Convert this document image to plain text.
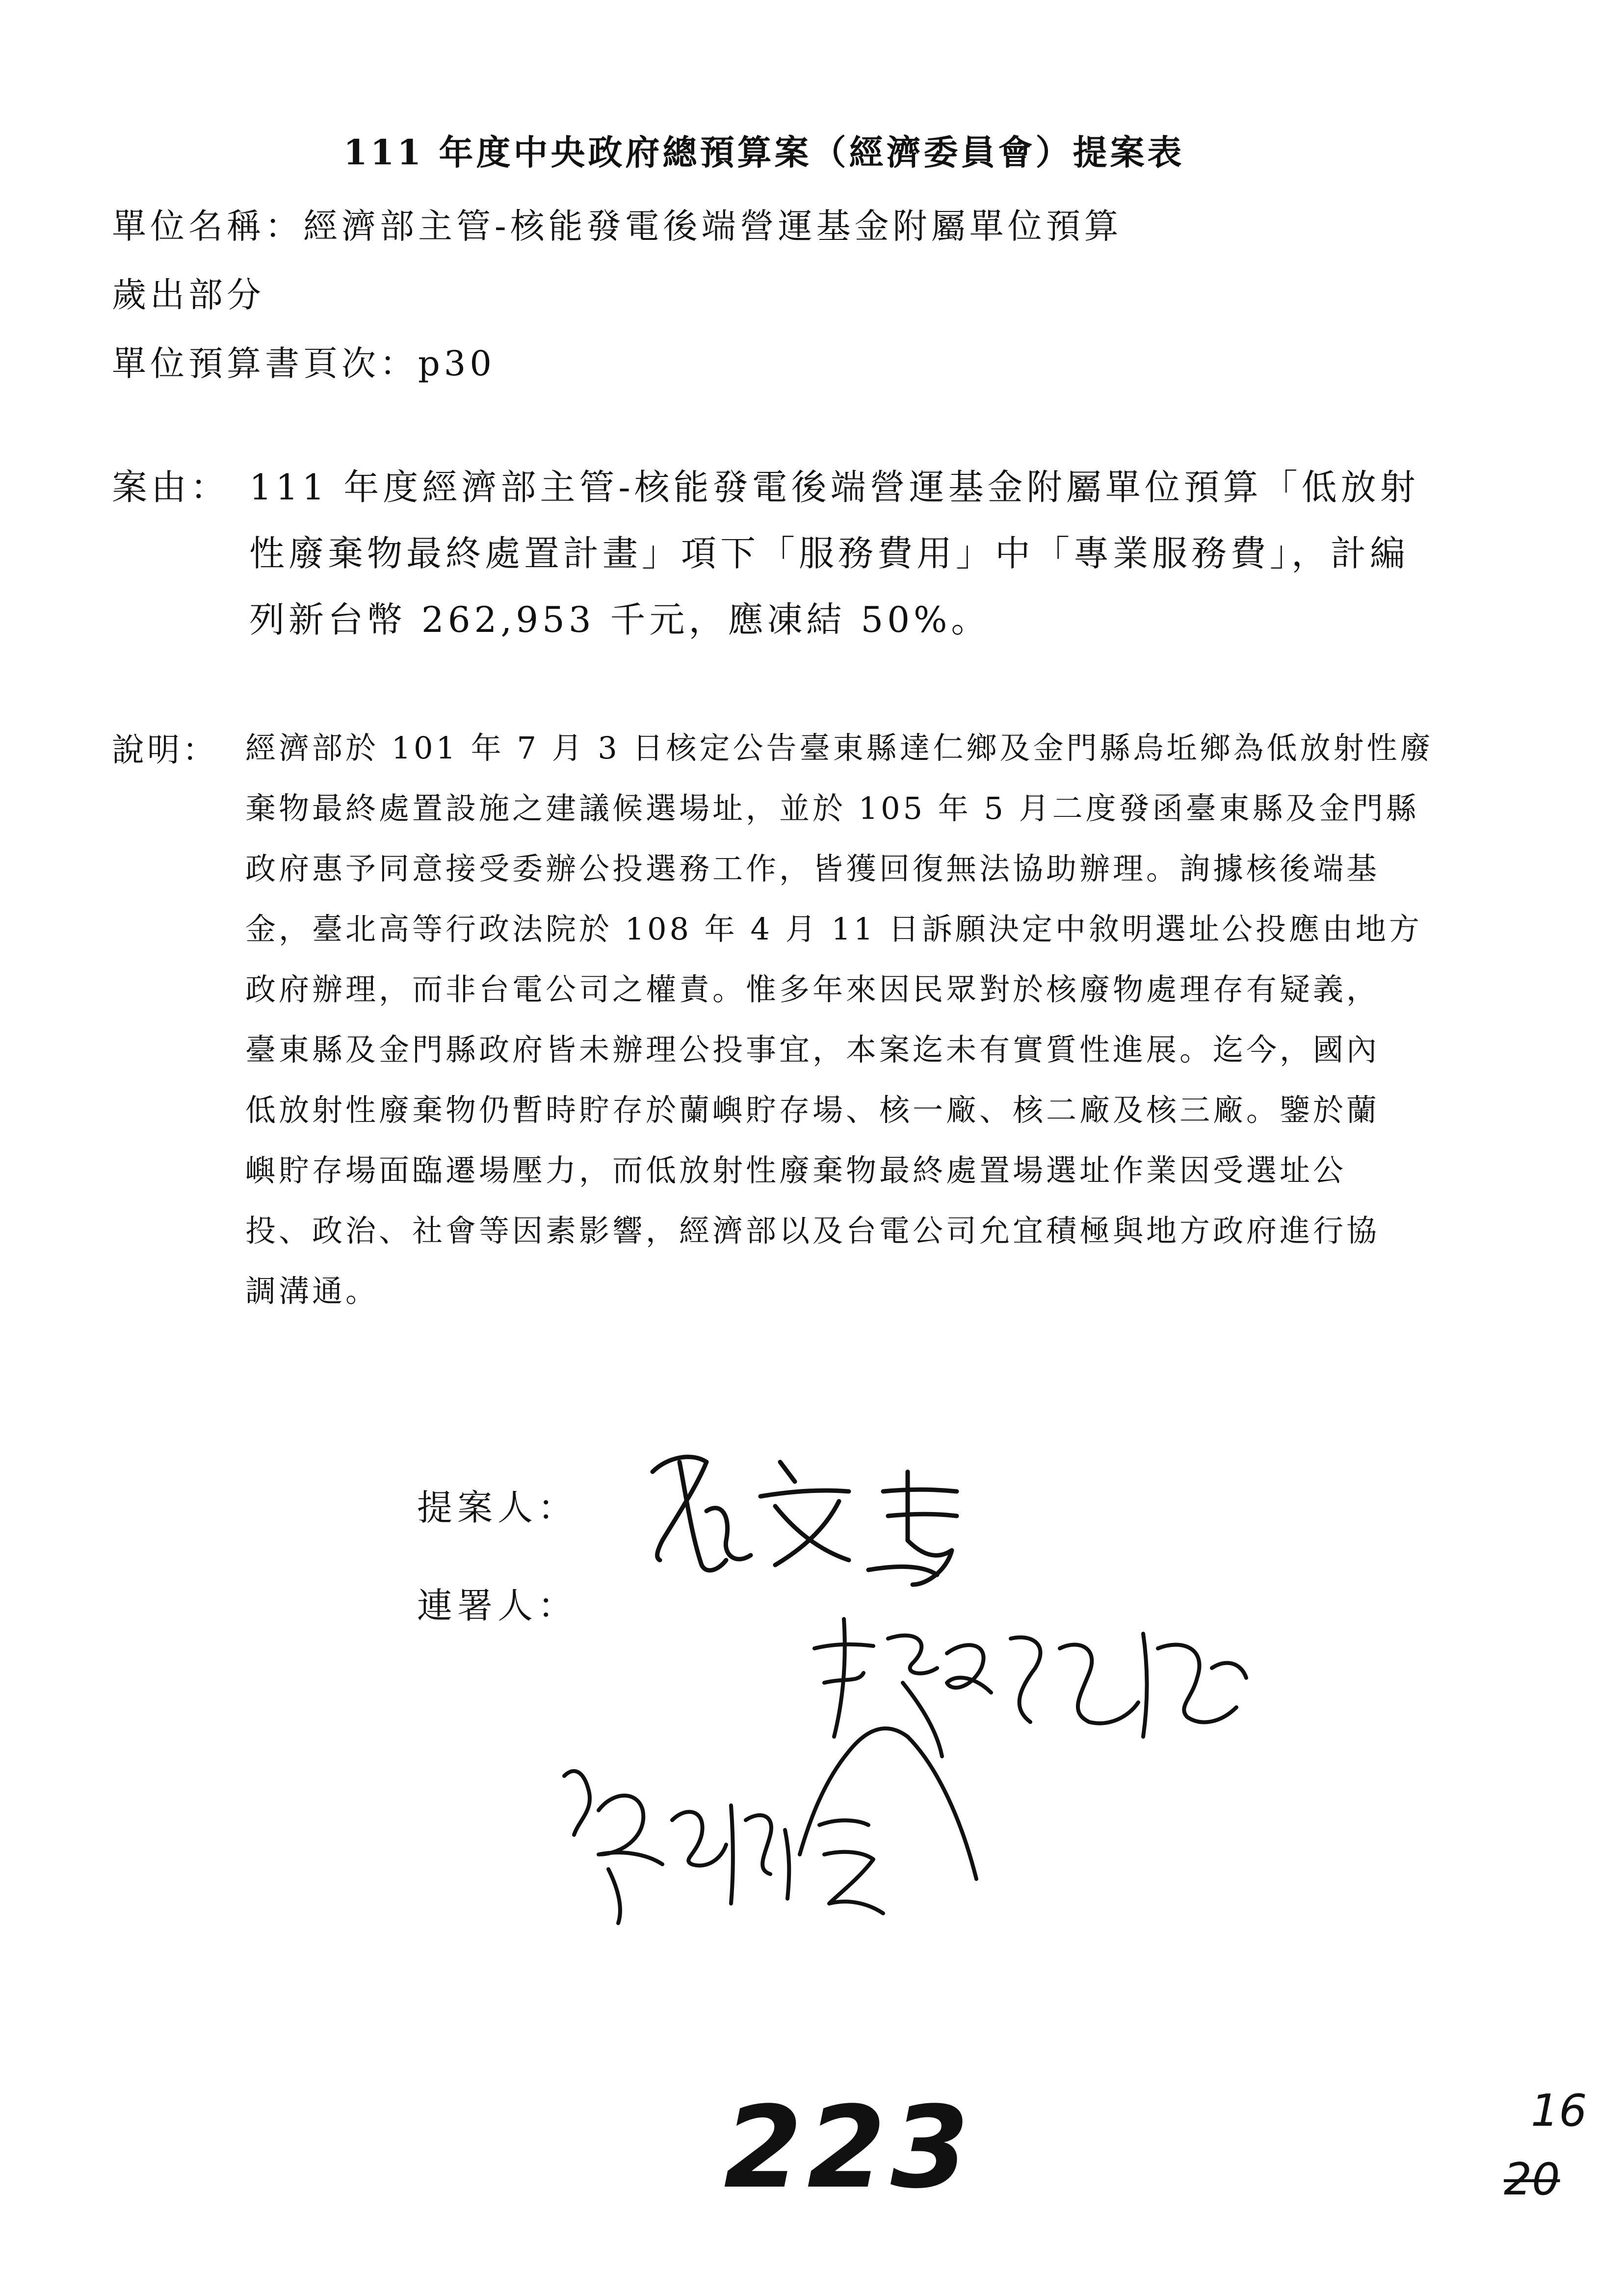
111 年度中央政府總預算案（經濟委員會）提案表
單位名稱：經濟部主管-核能發電後端營運基金附屬單位預算
歲出部分
單位預算書頁次：p30
案由： 111 年度經濟部主管-核能發電後端營運基金附屬單位預算「低放射
性廢棄物最終處置計畫」項下「服務費用」中「專業服務費」，計編
列新台幣 262,953 千元，應凍結 50%。
說明： 經濟部於 101 年 7 月 3 日核定公告臺東縣達仁鄉及金門縣烏坵鄉為低放射性廢
棄物最終處置設施之建議候選場址，並於 105 年 5 月二度發函臺東縣及金門縣
政府惠予同意接受委辦公投選務工作，皆獲回復無法協助辦理。詢據核後端基
金，臺北高等行政法院於 108 年 4 月 11 日訴願決定中敘明選址公投應由地方
政府辦理，而非台電公司之權責。惟多年來因民眾對於核廢物處理存有疑義，
臺東縣及金門縣政府皆未辦理公投事宜，本案迄未有實質性進展。迄今，國內
低放射性廢棄物仍暫時貯存於蘭嶼貯存場、核一廠、核二廠及核三廠。鑒於蘭
嶼貯存場面臨遷場壓力，而低放射性廢棄物最終處置場選址作業因受選址公
投、政治、社會等因素影響，經濟部以及台電公司允宜積極與地方政府進行協
調溝通。
提案人：
連署人：
223	16
20
